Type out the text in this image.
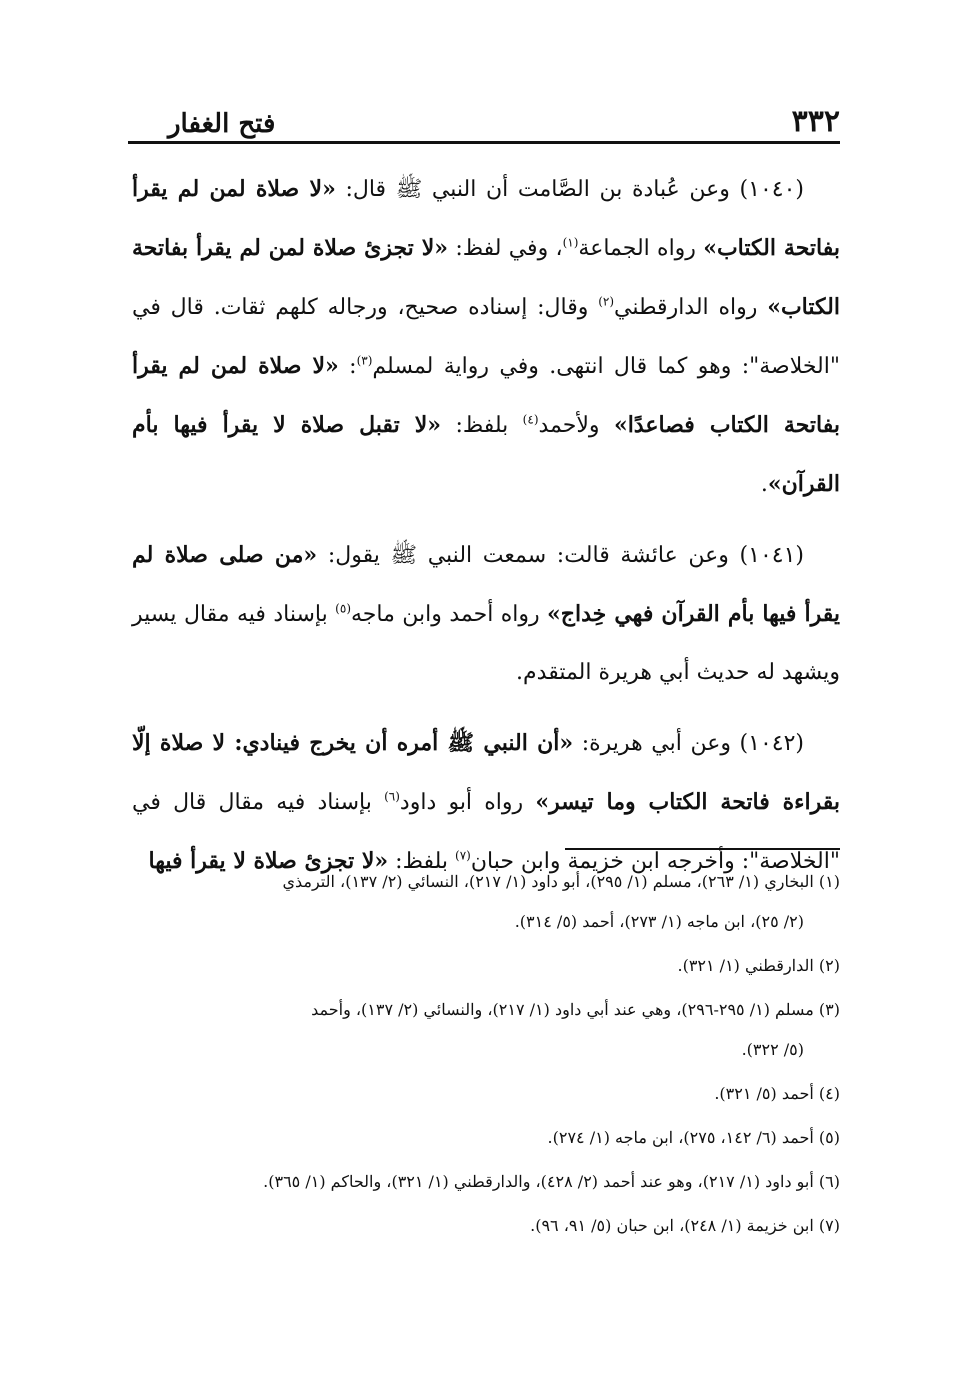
٣٣٢
فتح الغفار

(١٠٤٠) وعن عُبادة بن الصَّامت أن النبي ﷺ قال: «لا صلاة لمن لم يقرأ بفاتحة الكتاب» رواه الجماعة$^{(١)}$، وفي لفظ: «لا تجزئ صلاة لمن لم يقرأ بفاتحة الكتاب» رواه الدارقطني$^{(٢)}$ وقال: إسناده صحيح، ورجاله كلهم ثقات. قال في "الخلاصة": وهو كما قال انتهى. وفي رواية لمسلم$^{(٣)}$: «لا صلاة لمن لم يقرأ بفاتحة الكتاب فصاعدًا» ولأحمد$^{(٤)}$ بلفظ: «لا تقبل صلاة لا يقرأ فيها بأم القرآن».

(١٠٤١) وعن عائشة قالت: سمعت النبي ﷺ يقول: «من صلى صلاة لم يقرأ فيها بأم القرآن فهي خِداج» رواه أحمد وابن ماجه$^{(٥)}$ بإسناد فيه مقال يسير ويشهد له حديث أبي هريرة المتقدم.

(١٠٤٢) وعن أبي هريرة: «أن النبي ﷺ أمره أن يخرج فينادي: لا صلاة إلّا بقراءة فاتحة الكتاب وما تيسر» رواه أبو داود$^{(٦)}$ بإسناد فيه مقال قال في "الخلاصة": وأخرجه ابن خزيمة وابن حبان$^{(٧)}$ بلفظ: «لا تجزئ صلاة لا يقرأ فيها

(١) البخاري (١/ ٢٦٣)، مسلم (١/ ٢٩٥)، أبو داود (١/ ٢١٧)، النسائي (٢/ ١٣٧)، الترمذي
(٢/ ٢٥)، ابن ماجه (١/ ٢٧٣)، أحمد (٥/ ٣١٤).

(٢) الدارقطني (١/ ٣٢١).

(٣) مسلم (١/ ٢٩٥-٢٩٦)، وهي عند أبي داود (١/ ٢١٧)، والنسائي (٢/ ١٣٧)، وأحمد
(٥/ ٣٢٢).

(٤) أحمد (٥/ ٣٢١).

(٥) أحمد (٦/ ١٤٢، ٢٧٥)، ابن ماجه (١/ ٢٧٤).

(٦) أبو داود (١/ ٢١٧)، وهو عند أحمد (٢/ ٤٢٨)، والدارقطني (١/ ٣٢١)، والحاكم (١/ ٣٦٥).

(٧) ابن خزيمة (١/ ٢٤٨)، ابن حبان (٥/ ٩١، ٩٦).
